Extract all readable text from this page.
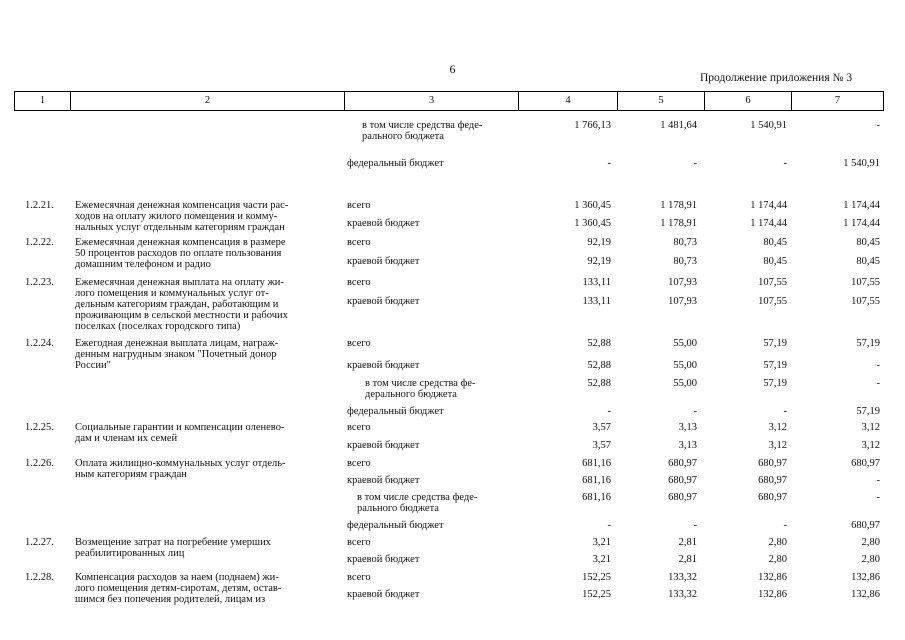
6
Продолжение приложения № 3
1	2	3	4	5	6	7
в том числе средства феде-
рального бюджета
1 766,13	1 481,64	1 540,91	-
федеральный бюджет	-	-	-	1 540,91
1.2.21. Ежемесячная денежная компенсация части рас-
ходов на оплату жилого помещения и комму-
нальных услуг отдельным категориям граждан
всего	1 360,45	1 178,91	1 174,44	1 174,44
краевой бюджет	1 360,45	1 178,91	1 174,44	1 174,44
1.2.22. Ежемесячная денежная компенсация в размере
50 процентов расходов по оплате пользования
домашним телефоном и радио
всего	92,19	80,73	80,45	80,45
краевой бюджет	92,19	80,73	80,45	80,45
1.2.23. Ежемесячная денежная выплата на оплату жи-
лого помещения и коммунальных услуг от-
дельным категориям граждан, работающим и
проживающим в сельской местности и рабочих
поселках (поселках городского типа)
всего	133,11	107,93	107,55	107,55
краевой бюджет	133,11	107,93	107,55	107,55
1.2.24. Ежегодная денежная выплата лицам, награж-
денным нагрудным знаком "Почетный донор
России"
всего	52,88	55,00	57,19	57,19
краевой бюджет	52,88	55,00	57,19	-
в том числе средства фе-
дерального бюджета
52,88	55,00	57,19	-
федеральный бюджет	-	-	-	57,19
1.2.25. Социальные гарантии и компенсации оленево-
дам и членам их семей
всего	3,57	3,13	3,12	3,12
краевой бюджет	3,57	3,13	3,12	3,12
1.2.26. Оплата жилищно-коммунальных услуг отдель-
ным категориям граждан
всего	681,16	680,97	680,97	680,97
краевой бюджет	681,16	680,97	680,97	-
в том числе средства феде-
рального бюджета
681,16	680,97	680,97	-
федеральный бюджет	-	-	-	680,97
1.2.27. Возмещение затрат на погребение умерших
реабилитированных лиц
всего	3,21	2,81	2,80	2,80
краевой бюджет	3,21	2,81	2,80	2,80
1.2.28. Компенсация расходов за наем (поднаем) жи-
лого помещения детям-сиротам, детям, остав-
шимся без попечения родителей, лицам из
всего	152,25	133,32	132,86	132,86
краевой бюджет	152,25	133,32	132,86	132,86
